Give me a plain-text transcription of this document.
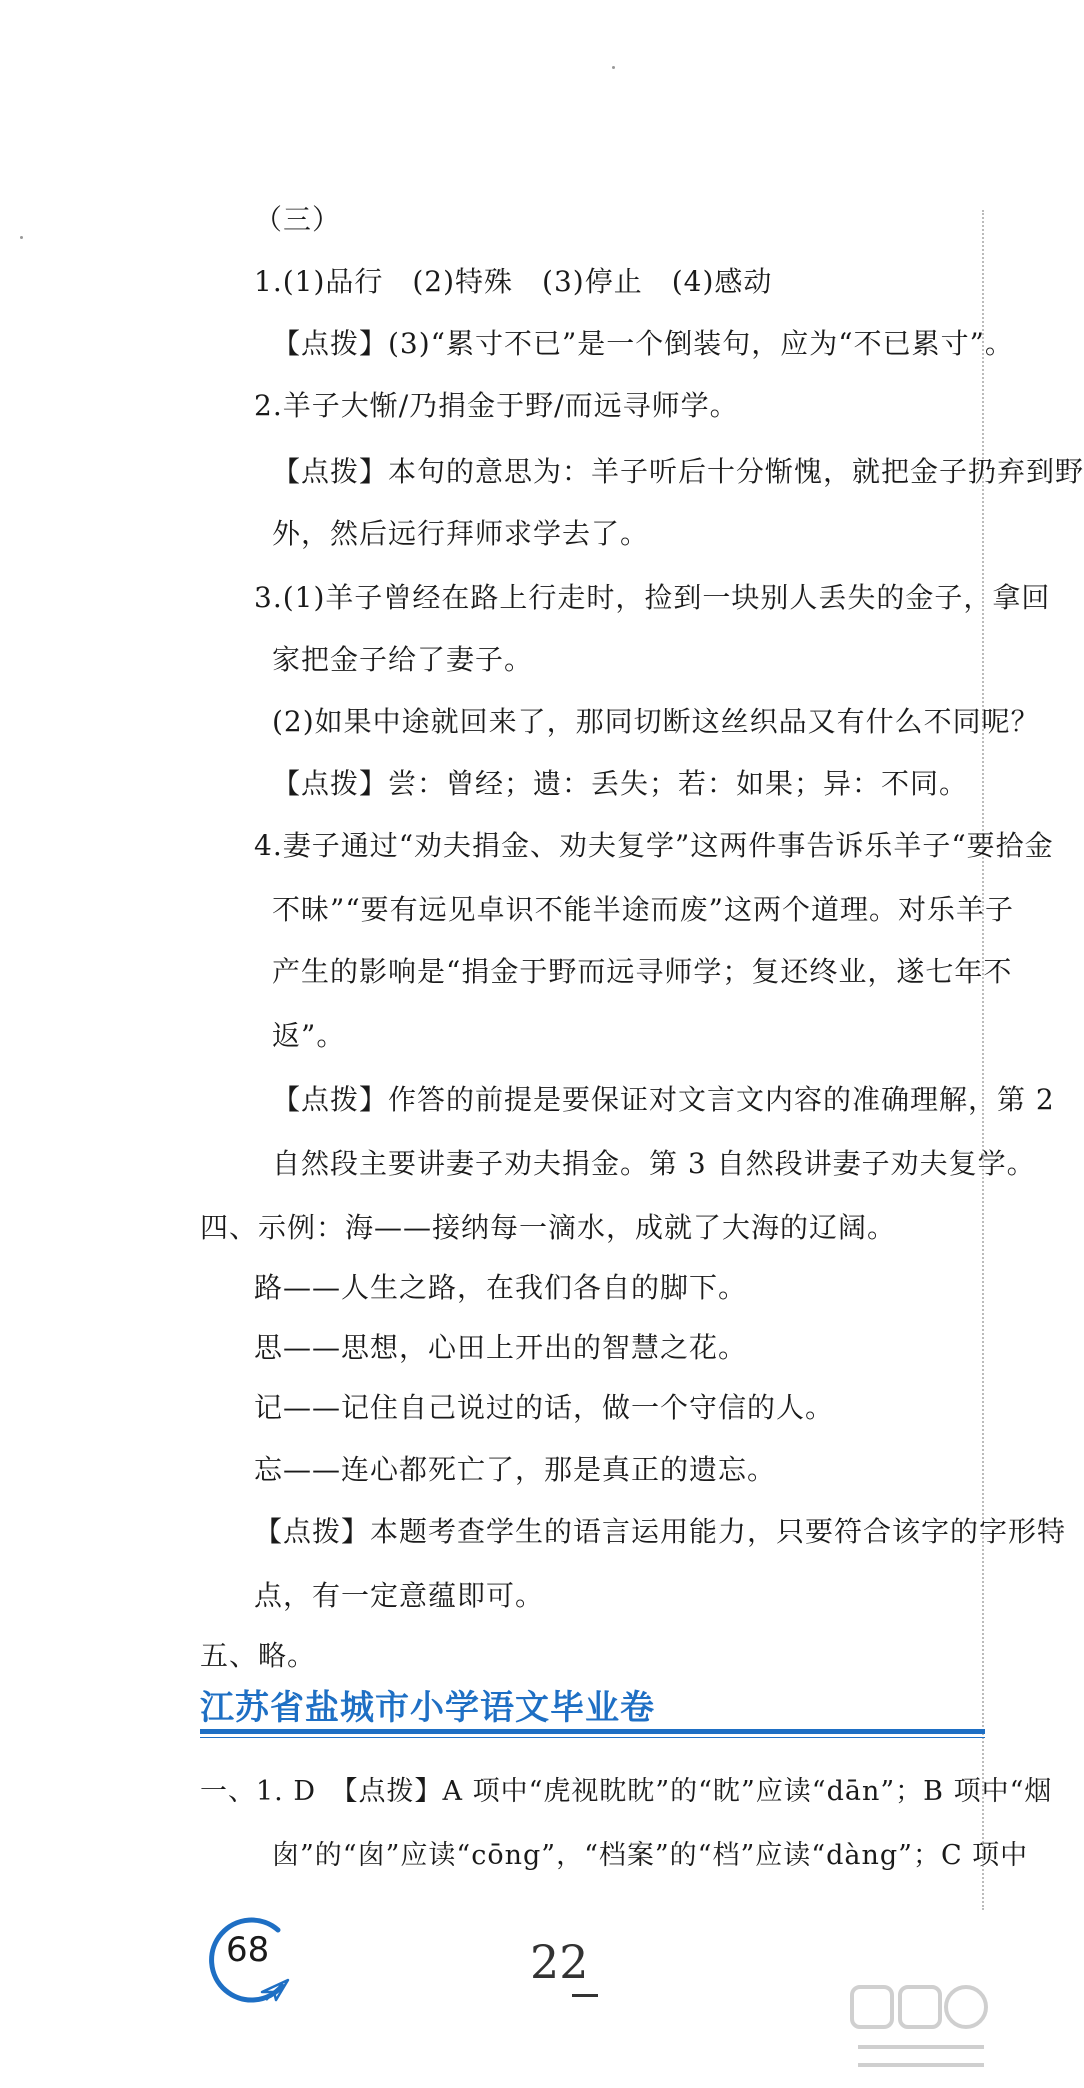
（三）
1.(1)品行　(2)特殊　(3)停止　(4)感动
【点拨】(3)“累寸不已”是一个倒装句，应为“不已累寸”。
2.羊子大惭/乃捐金于野/而远寻师学。
【点拨】本句的意思为：羊子听后十分惭愧，就把金子扔弃到野
外，然后远行拜师求学去了。
3.(1)羊子曾经在路上行走时，捡到一块别人丢失的金子，拿回
家把金子给了妻子。
(2)如果中途就回来了，那同切断这丝织品又有什么不同呢？
【点拨】尝：曾经；遗：丢失；若：如果；异：不同。
4.妻子通过“劝夫捐金、劝夫复学”这两件事告诉乐羊子“要拾金
不昧”“要有远见卓识不能半途而废”这两个道理。对乐羊子
产生的影响是“捐金于野而远寻师学；复还终业，遂七年不
返”。
【点拨】作答的前提是要保证对文言文内容的准确理解，第 2
自然段主要讲妻子劝夫捐金。第 3 自然段讲妻子劝夫复学。
四、示例：海——接纳每一滴水，成就了大海的辽阔。
路——人生之路，在我们各自的脚下。
思——思想，心田上开出的智慧之花。
记——记住自己说过的话，做一个守信的人。
忘——连心都死亡了，那是真正的遗忘。
【点拨】本题考查学生的语言运用能力，只要符合该字的字形特
点，有一定意蕴即可。
五、略。
江苏省盐城市小学语文毕业卷
一、1. D　【点拨】A 项中“虎视眈眈”的“眈”应读“dān”；B 项中“烟
囱”的“囱”应读“cōng”，“档案”的“档”应读“dàng”；C 项中
68	22
